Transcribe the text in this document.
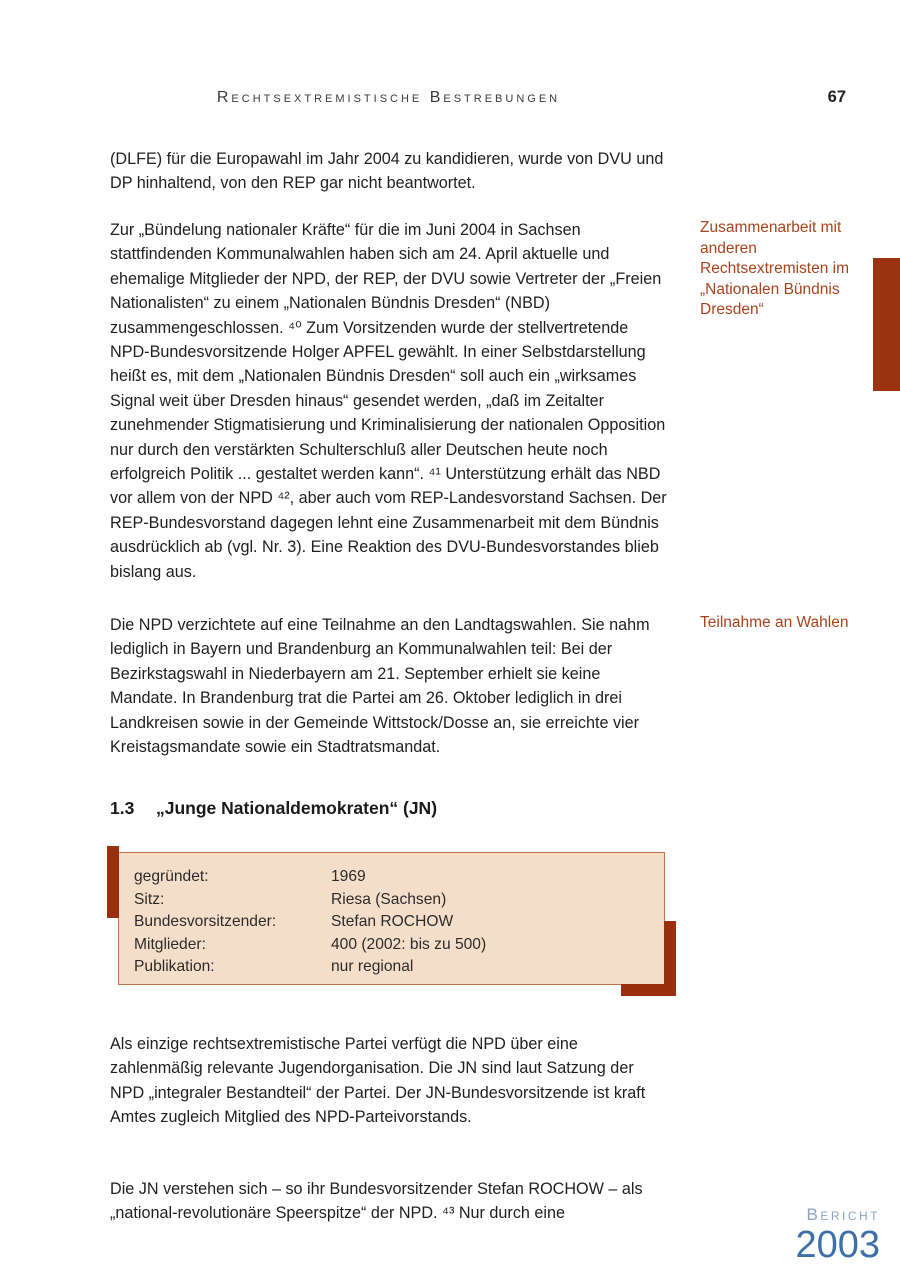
Rechtsextremistische Bestrebungen	67

(DLFE) für die Europawahl im Jahr 2004 zu kandidieren, wurde von DVU und DP hinhaltend, von den REP gar nicht beantwortet.

Zur „Bündelung nationaler Kräfte“ für die im Juni 2004 in Sachsen stattfindenden Kommunalwahlen haben sich am 24. April aktuelle und ehemalige Mitglieder der NPD, der REP, der DVU sowie Vertreter der „Freien Nationalisten“ zu einem „Nationalen Bündnis Dresden“ (NBD) zusammengeschlossen. ⁴⁰ Zum Vorsitzenden wurde der stellvertretende NPD-Bundesvorsitzende Holger APFEL gewählt. In einer Selbstdarstellung heißt es, mit dem „Nationalen Bündnis Dresden“ soll auch ein „wirksames Signal weit über Dresden hinaus“ gesendet werden, „daß im Zeitalter zunehmender Stigmatisierung und Kriminalisierung der nationalen Opposition nur durch den verstärkten Schulterschluß aller Deutschen heute noch erfolgreich Politik ... gestaltet werden kann“. ⁴¹ Unterstützung erhält das NBD vor allem von der NPD ⁴², aber auch vom REP-Landesvorstand Sachsen. Der REP-Bundesvorstand dagegen lehnt eine Zusammenarbeit mit dem Bündnis ausdrücklich ab (vgl. Nr. 3). Eine Reaktion des DVU-Bundesvorstandes blieb bislang aus.

Die NPD verzichtete auf eine Teilnahme an den Landtagswahlen. Sie nahm lediglich in Bayern und Brandenburg an Kommunalwahlen teil: Bei der Bezirkstagswahl in Niederbayern am 21. September erhielt sie keine Mandate. In Brandenburg trat die Partei am 26. Oktober lediglich in drei Landkreisen sowie in der Gemeinde Wittstock/Dosse an, sie erreichte vier Kreistagsmandate sowie ein Stadtratsmandat.

Zusammenarbeit mit anderen Rechtsextremisten im „Nationalen Bündnis Dresden“
Teilnahme an Wahlen
1.3	„Junge Nationaldemokraten“ (JN)
gegründet:	1969
Sitz:	Riesa (Sachsen)
Bundesvorsitzender:	Stefan ROCHOW
Mitglieder:	400 (2002: bis zu 500)
Publikation:	nur regional

Als einzige rechtsextremistische Partei verfügt die NPD über eine zahlenmäßig relevante Jugendorganisation. Die JN sind laut Satzung der NPD „integraler Bestandteil“ der Partei. Der JN-Bundesvorsitzende ist kraft Amtes zugleich Mitglied des NPD-Parteivorstands.

Die JN verstehen sich – so ihr Bundesvorsitzender Stefan ROCHOW – als „national-revolutionäre Speerspitze“ der NPD. ⁴³ Nur durch eine	Bericht
2003
